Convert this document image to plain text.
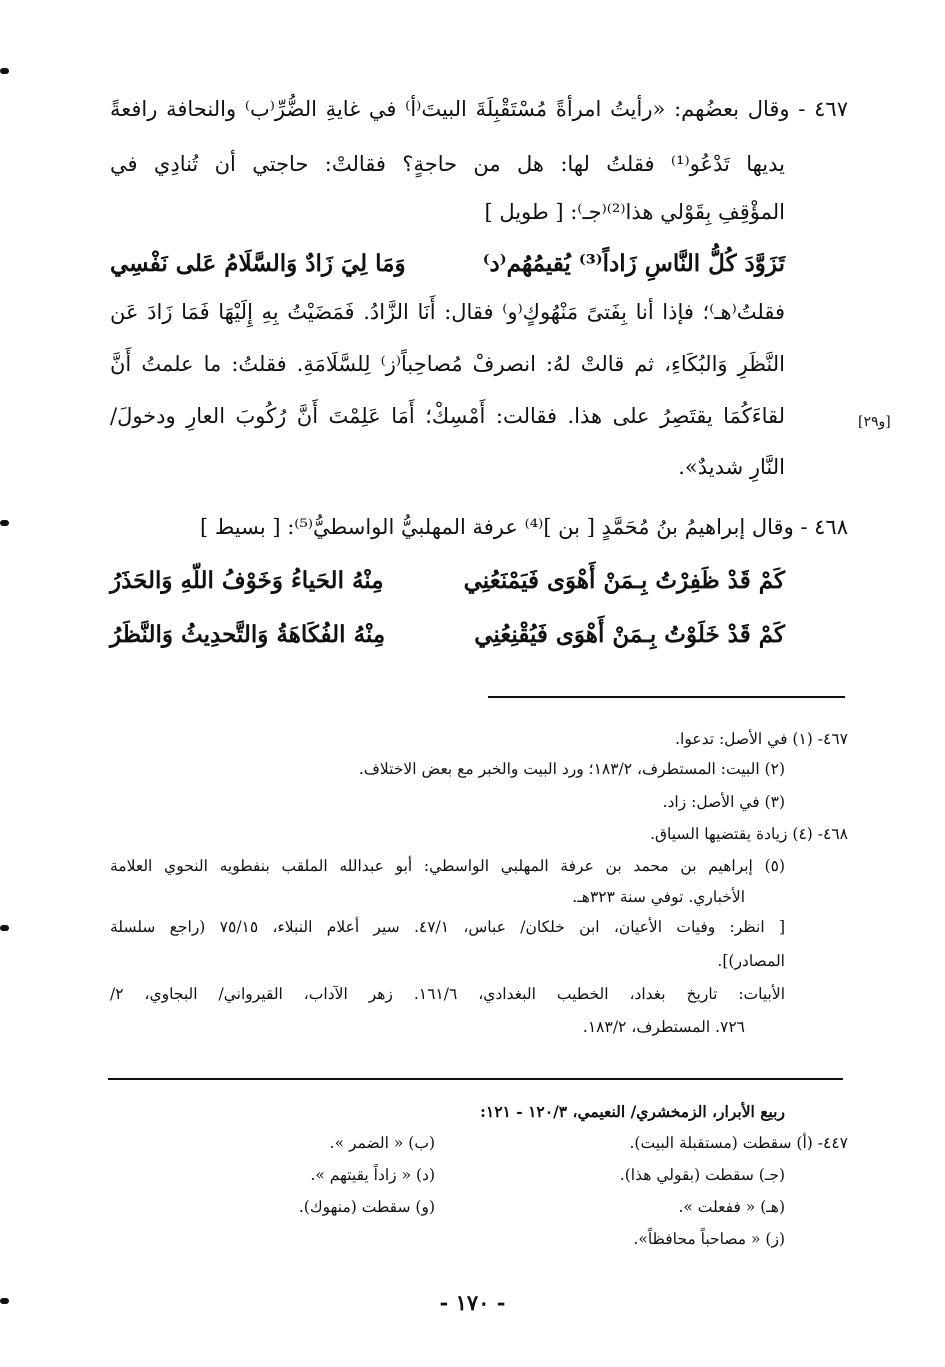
٤٦٧ - وقال بعضُهم: «رأيتُ امرأةً مُسْتَقْبِلَةَ البيتَ⁽أ⁾ في غايةِ الضُّرِّ⁽ب⁾ والنحافة رافعةً
يديها تَدْعُو⁽¹⁾ فقلتُ لها: هل من حاجةٍ؟ فقالتْ: حاجتي أن تُنادِي في
المؤْقِفِ بِقَوْلي هذا⁽²⁾⁽جـ⁾: [ طويل ]
تَزَوَّدَ كُلُّ النَّاسِ زَاداً⁽³⁾ يُقيمُهُم⁽د⁾
وَمَا لِيَ زَادٌ وَالسَّلَامُ عَلى نَفْسِي
فقلتُ⁽هـ⁾؛ فإذا أنا بِفَتىً مَنْهُوكٍ⁽و⁾ فقال: أَنَا الزَّادُ. فَمَضَيْتُ بِهِ إِلَيْهَا فَمَا زَادَ عَن
النَّظَرِ وَالبُكَاءِ، ثم قالتْ لهُ: انصرفْ مُصاحِباً⁽ز⁾ لِلسَّلَامَةِ. فقلتُ: ما علمتُ أَنَّ
لقاءَكُمَا يقتَصِرُ على هذا. فقالت: أَمْسِكْ؛ أَمَا عَلِمْتَ أَنَّ رُكُوبَ العارِ ودخولَ/
النَّارِ شديدٌ».
[و٢٩]
٤٦٨ - وقال إبراهيمُ بنُ مُحَمَّدٍ [ بن ]⁽⁴⁾ عرفة المهلبيُّ الواسطيُّ⁽⁵⁾: [ بسيط ]
كَمْ قَدْ ظَفِرْتُ بِـمَنْ أَهْوَى فَيَمْنَعُنِي
مِنْهُ الحَياءُ وَخَوْفُ اللّهِ وَالحَذَرُ
كَمْ قَدْ خَلَوْتُ بِـمَنْ أَهْوَى فَيُقْنِعُنِي
مِنْهُ الفُكَاهَةُ وَالتَّحدِيثُ وَالنَّظَرُ
٤٦٧- (١) في الأصل: تدعوا.
(٢) البيت: المستطرف، ١٨٣/٢؛ ورد البيت والخبر مع بعض الاختلاف.
(٣) في الأصل: زاد.
٤٦٨- (٤) زيادة يقتضيها السياق.
(٥) إبراهيم بن محمد بن عرفة المهلبي الواسطي: أبو عبدالله الملقب بنفطويه النحوي العلامة
الأخباري. توفي سنة ٣٢٣هـ.
[ انظر: وفيات الأعيان، ابن خلكان/ عباس، ٤٧/١. سير أعلام النبلاء، ٧٥/١٥ (راجع سلسلة
المصادر)].
الأبيات: تاريخ بغداد، الخطيب البغدادي، ١٦١/٦. زهر الآداب، القيرواني/ البجاوي، ٢/
٧٢٦. المستطرف، ١٨٣/٢.
ربيع الأبرار، الزمخشري/ النعيمي، ١٢٠/٣ - ١٢١:
٤٤٧- (أ) سقطت (مستقبلة البيت).
(ب) « الضمر ».
(جـ) سقطت (بقولي هذا).
(د) « زاداً يقيتهم ».
(هـ) « ففعلت ».
(و) سقطت (منهوك).
(ز) « مصاحباً محافظاً».
- ١٧٠ -
